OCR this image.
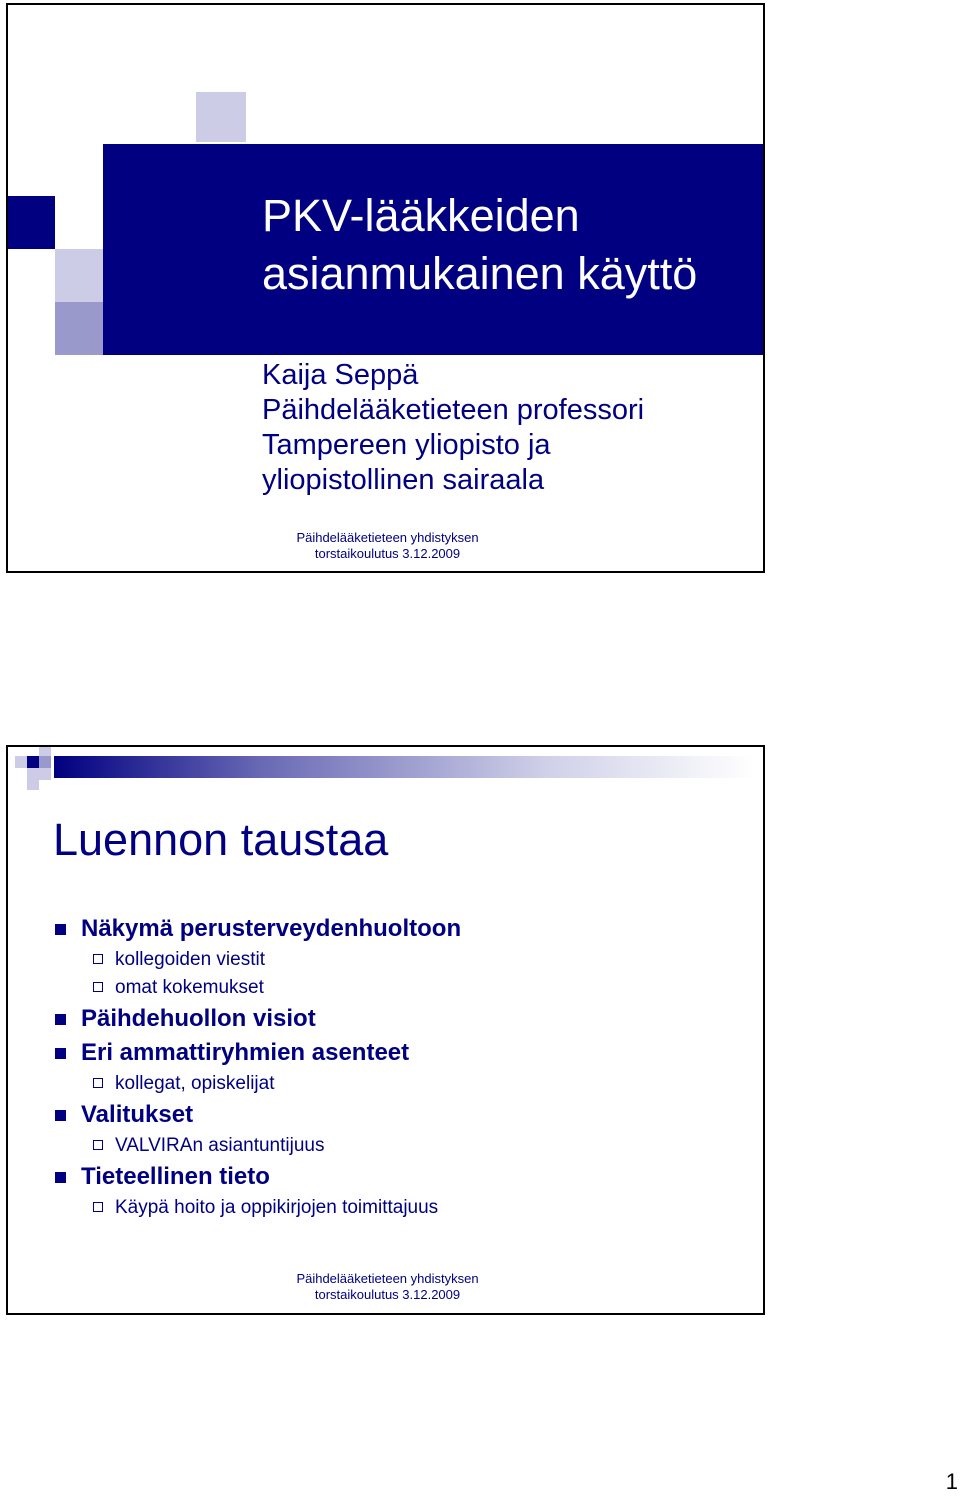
PKV-lääkkeiden
asianmukainen käyttö
Kaija Seppä
Päihdelääketieteen professori
Tampereen yliopisto ja
yliopistollinen sairaala
Päihdelääketieteen yhdistyksen
torstaikoulutus 3.12.2009
Luennon taustaa
Näkymä perusterveydenhuoltoon
kollegoiden viestit
omat kokemukset
Päihdehuollon visiot
Eri ammattiryhmien asenteet
kollegat, opiskelijat
Valitukset
VALVIRAn asiantuntijuus
Tieteellinen tieto
Käypä hoito ja oppikirjojen toimittajuus
Päihdelääketieteen yhdistyksen
torstaikoulutus 3.12.2009
1
